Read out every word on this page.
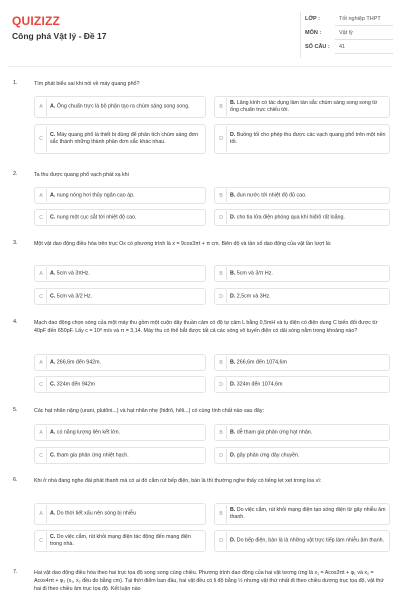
QUIZIZZ
Công phá Vật lý - Đề 17
LỚP :	Tốt nghiệp THPT
MÔN :	Vật lý
SỐ CÂU : 41
1.	Tìm phát biểu sai khi nói về máy quang phổ?
A	A. Ống chuẩn trực là bộ phận tạo ra chùm sáng song song.	B
B. Lăng kính có tác dụng làm tán sắc chùm sáng song song từ ống chuẩn trực chiếu tới.
C
C. Máy quang phổ là thiết bị dùng để phân tích chùm sáng đơn sắc thành những thành phần đơn sắc khác nhau.	D
D. Buồng tối cho phép thu được các vạch quang phổ trên một nền tối.
2.	Ta thu được quang phổ vạch phát xạ khi
A	A. nung nóng hơi thủy ngân cao áp.	B	B. đun nước tới nhiệt độ đủ cao.
C	C. nung một cục sắt tới nhiệt độ cao.	D	D. cho tia lửa điện phóng qua khí hiđrô rất loãng.
3.	Một vật dao động điều hòa trên trục Ox có phương trình là x = 9cos3πt + π cm. Biên độ và tần số dao động của vật lần lượt là:
A	A. 5cm và 3πHz.	B	B. 5cm và 3/π Hz.
C	C. 5cm và 3/2 Hz.	D	D. 2,5cm và 3Hz.
4.	Mạch dao động chọn sóng của một máy thu gồm một cuộn dây thuần cảm có độ tự cảm L bằng 0,5mH và tụ điện có điện dung C biến đổi được từ 40pF đến 650pF. Lấy c = 10⁸ m/s và π = 3,14. Máy thu có thể bắt được tất cả các sóng vô tuyến điện có dải sóng nằm trong khoảng nào?
A	A. 266,6m đến 942m.	B	B. 266,6m đến 1074,6m
C	C. 324m đến 942m	D	D. 324m đến 1074,6m
5.	Các hạt nhân nặng (urani, plutôni...) và hạt nhân nhẹ (hiđrô, hêli...) có cùng tính chất nào sau đây:
A	A. có năng lượng liên kết lớn.	B	B. dễ tham gia phản ứng hạt nhân.
C	C. tham gia phản ứng nhiệt hạch.	D	D. gây phản ứng dây chuyền.
6.	Khi ở nhà đang nghe đài phát thanh mà có ai đó cắm rút bếp điện, bàn là thì thường nghe thấy có tiếng lẹt xẹt trong loa vì:
A	A. Do thời tiết xấu nên sóng bị nhiễu	B
B. Do việc cắm, rút khỏi mạng điện tạo sóng điện từ gây nhiễu âm thanh.
C
C. Do việc cắm, rút khỏi mạng điện tác động đến mạng điện trong nhà.	D	D. Do bếp điện, bàn là là những vật trực tiếp làm nhiễu âm thanh.
7.	Hai vật dao động điều hòa theo hai trục tọa độ song song cùng chiều. Phương trình dao động của hai vật tương ứng là x₁ = Acos3πt + φ₁ và x₂ = Acos4πt + φ₂ (x₁, x₂ đều đo bằng cm). Tại thời điểm ban đầu, hai vật đều có li độ bằng ½ nhưng vật thứ nhất đi theo chiều dương trục tọa độ, vật thứ hai đi theo chiều âm trục tọa độ. Kết luận nào
